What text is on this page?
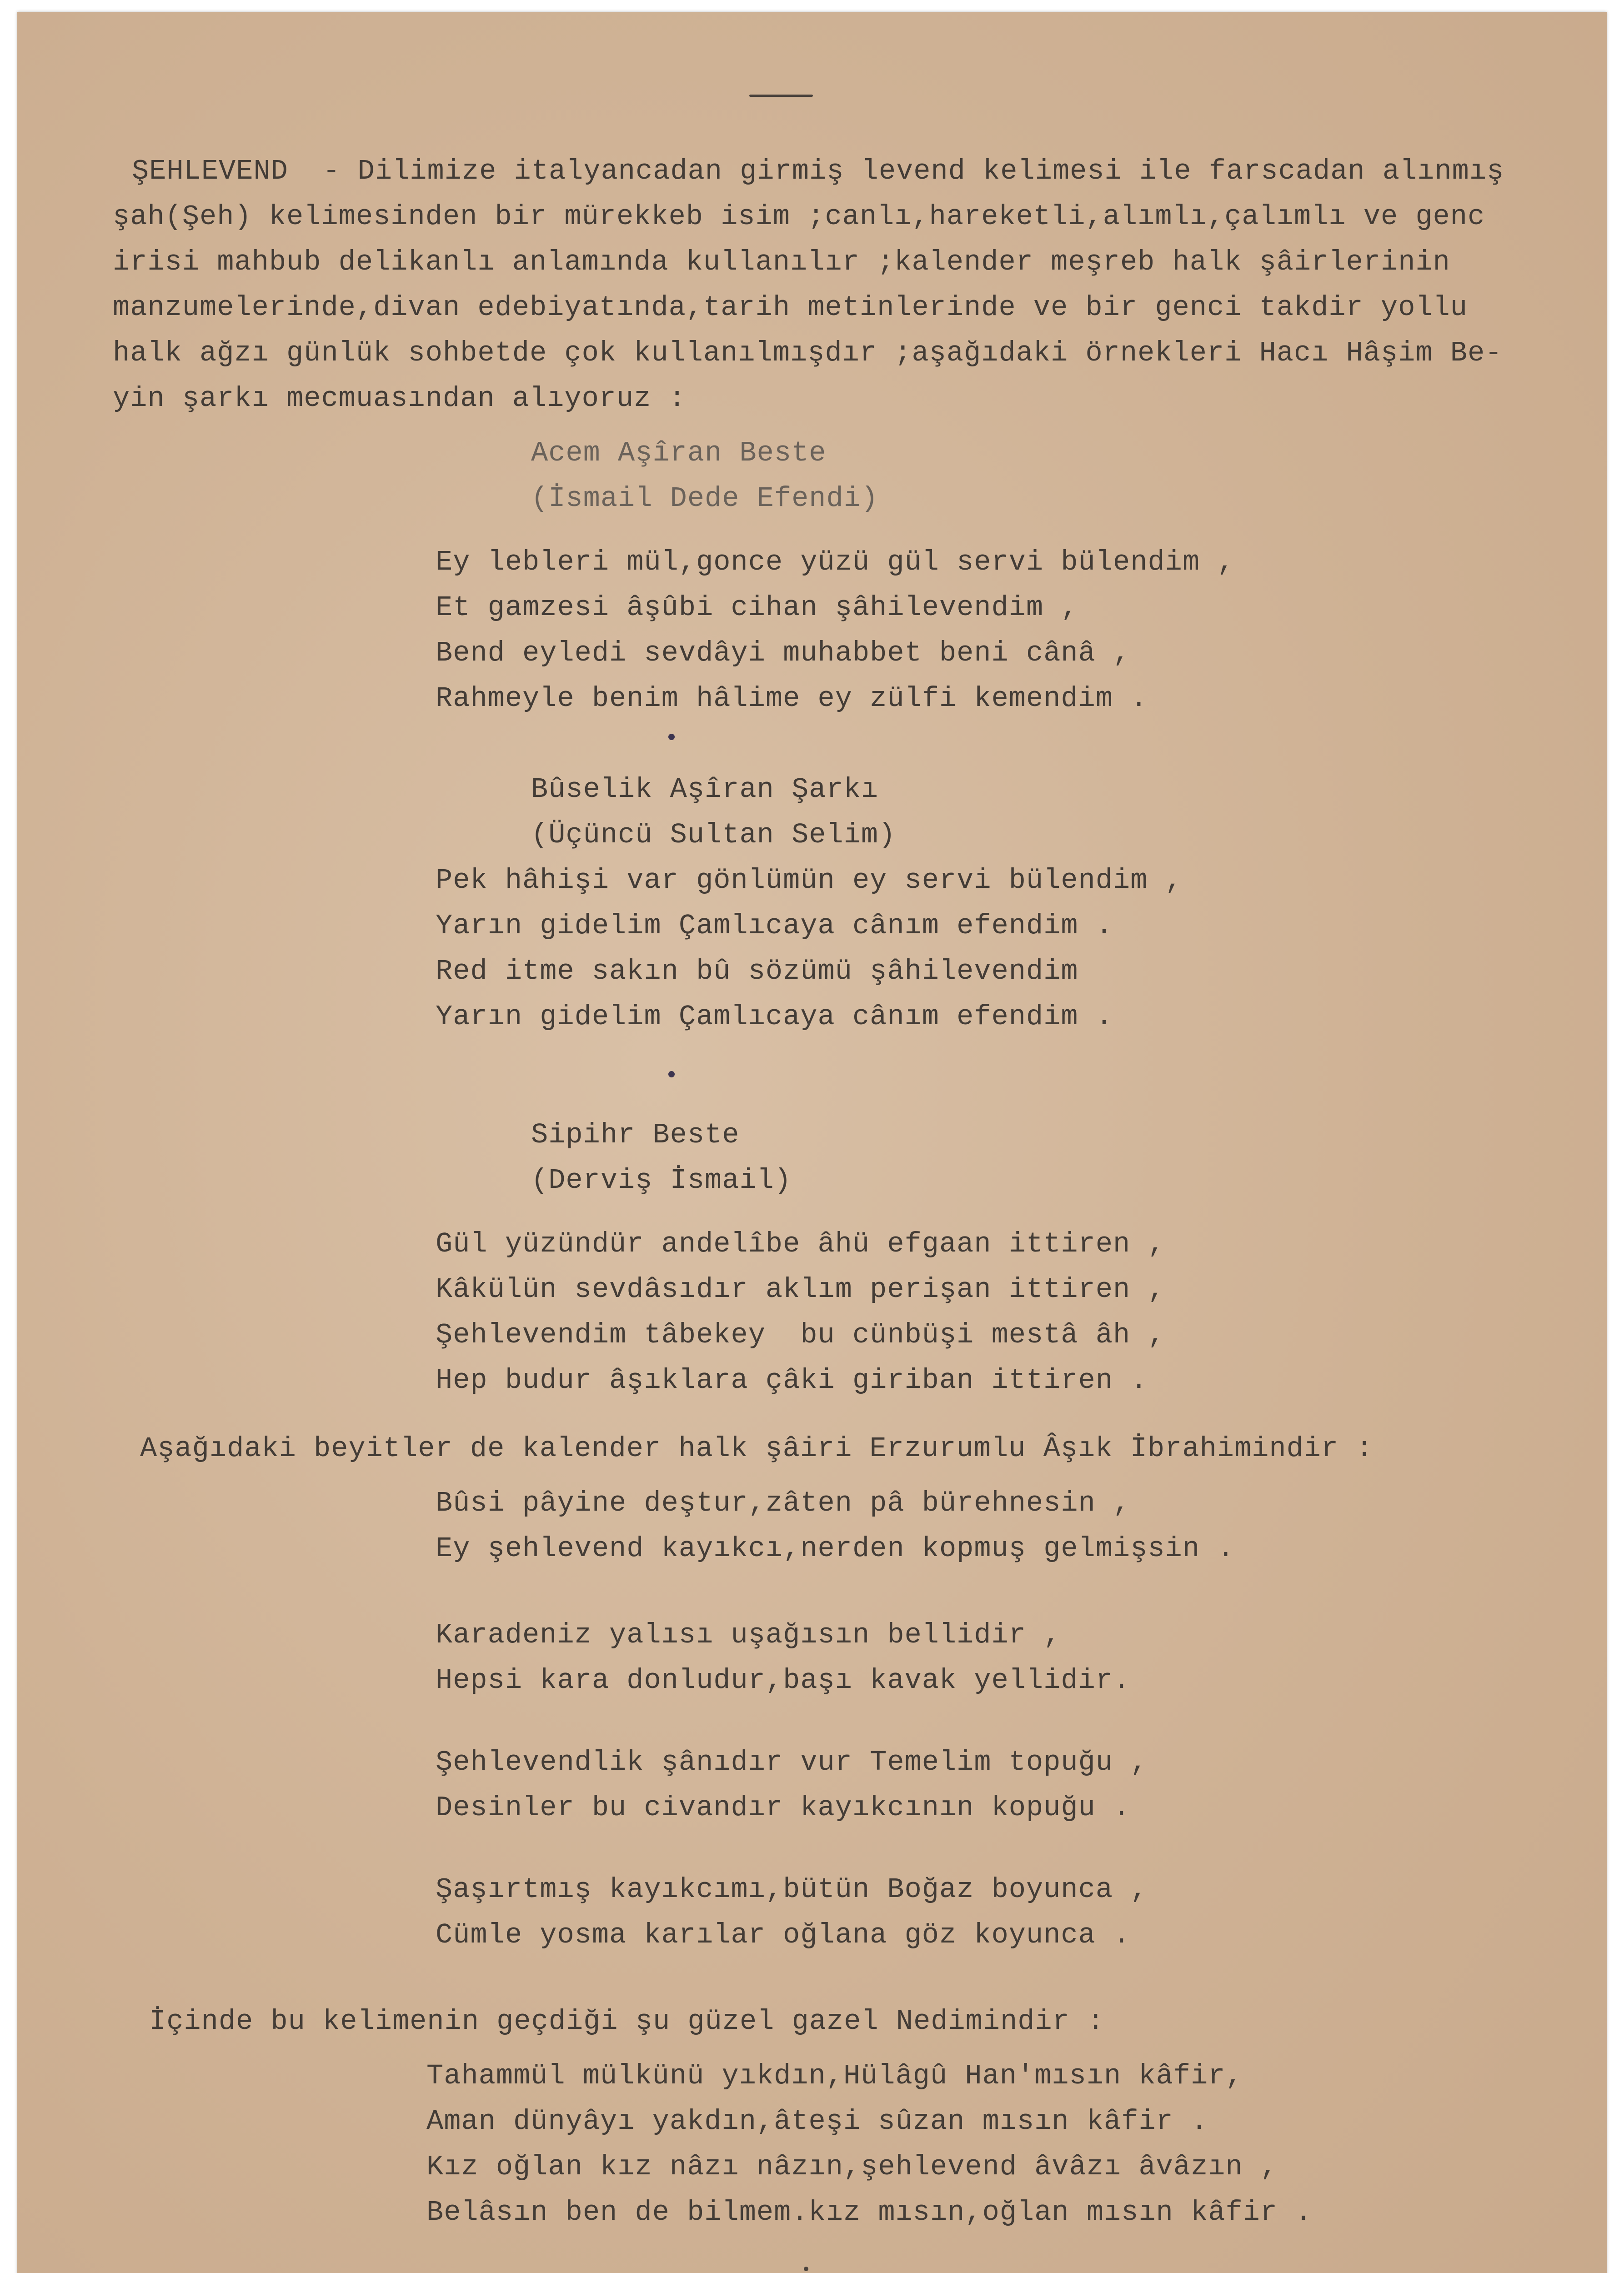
ŞEHLEVEND  - Dilimize italyancadan girmiş levend kelimesi ile farscadan alınmış
şah(Şeh) kelimesinden bir mürekkeb isim ;canlı,hareketli,alımlı,çalımlı ve genc
irisi mahbub delikanlı anlamında kullanılır ;kalender meşreb halk şâirlerinin
manzumelerinde,divan edebiyatında,tarih metinlerinde ve bir genci takdir yollu
halk ağzı günlük sohbetde çok kullanılmışdır ;aşağıdaki örnekleri Hacı Hâşim Be-
yin şarkı mecmuasından alıyoruz :
Acem Aşîran Beste
(İsmail Dede Efendi)
Ey lebleri mül,gonce yüzü gül servi bülendim ,
Et gamzesi âşûbi cihan şâhilevendim ,
Bend eyledi sevdâyi muhabbet beni cânâ ,
Rahmeyle benim hâlime ey zülfi kemendim .
Bûselik Aşîran Şarkı
(Üçüncü Sultan Selim)
Pek hâhişi var gönlümün ey servi bülendim ,
Yarın gidelim Çamlıcaya cânım efendim .
Red itme sakın bû sözümü şâhilevendim
Yarın gidelim Çamlıcaya cânım efendim .
Sipihr Beste
(Derviş İsmail)
Gül yüzündür andelîbe âhü efgaan ittiren ,
Kâkülün sevdâsıdır aklım perişan ittiren ,
Şehlevendim tâbekey  bu cünbüşi mestâ âh ,
Hep budur âşıklara çâki giriban ittiren .
Aşağıdaki beyitler de kalender halk şâiri Erzurumlu Âşık İbrahimindir :
Bûsi pâyine deştur,zâten pâ bürehnesin ,
Ey şehlevend kayıkcı,nerden kopmuş gelmişsin .
Karadeniz yalısı uşağısın bellidir ,
Hepsi kara donludur,başı kavak yellidir.
Şehlevendlik şânıdır vur Temelim topuğu ,
Desinler bu civandır kayıkcının kopuğu .
Şaşırtmış kayıkcımı,bütün Boğaz boyunca ,
Cümle yosma karılar oğlana göz koyunca .
İçinde bu kelimenin geçdiği şu güzel gazel Nedimindir :
Tahammül mülkünü yıkdın,Hülâgû Han'mısın kâfir,
Aman dünyâyı yakdın,âteşi sûzan mısın kâfir .
Kız oğlan kız nâzı nâzın,şehlevend âvâzı âvâzın ,
Belâsın ben de bilmem.kız mısın,oğlan mısın kâfir .
